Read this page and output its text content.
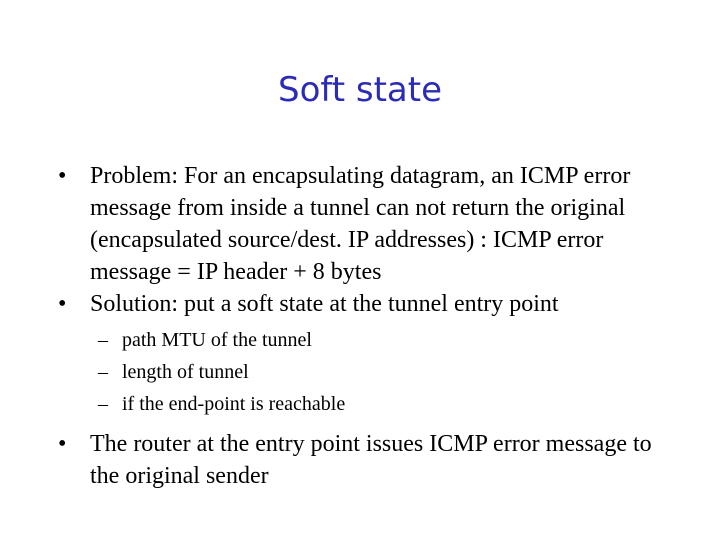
Soft state
• Problem: For an encapsulating datagram, an ICMP error message from inside a tunnel can not return the original (encapsulated source/dest. IP addresses) : ICMP error message = IP header + 8 bytes
• Solution: put a soft state at the tunnel entry point
– path MTU of the tunnel
– length of tunnel
– if the end-point is reachable
• The router at the entry point issues ICMP error message to the original sender
